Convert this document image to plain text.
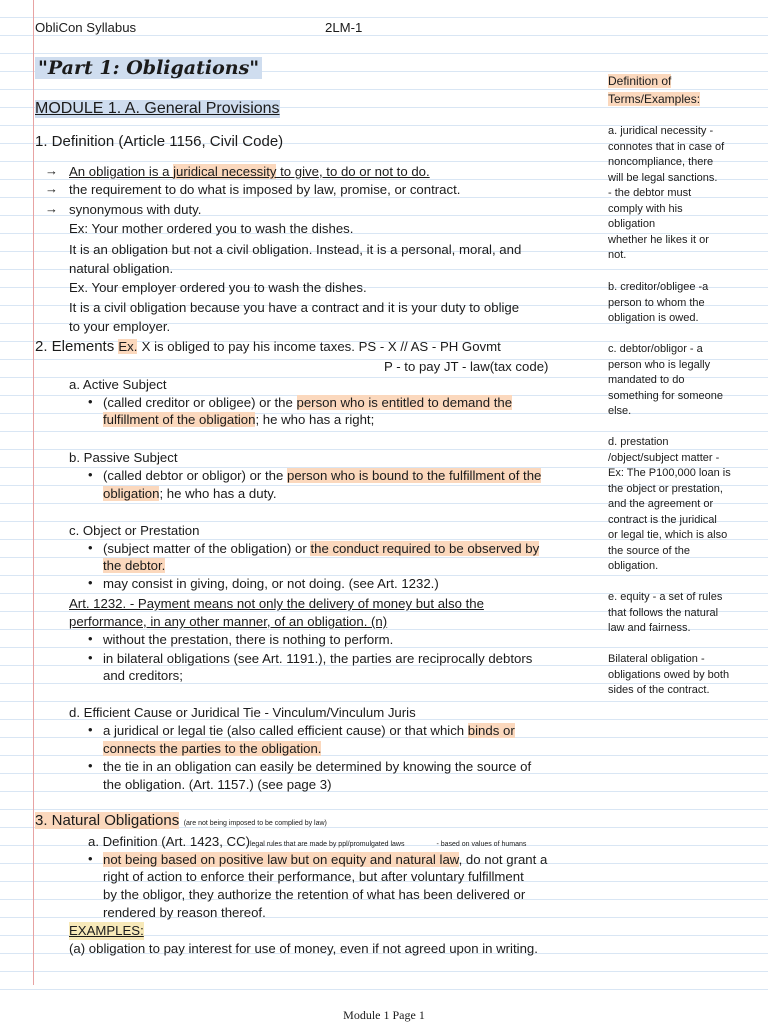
ObliCon Syllabus	2LM-1
"Part 1: Obligations"
MODULE 1. A. General Provisions
1. Definition (Article 1156, Civil Code)
→ An obligation is a juridical necessity to give, to do or not to do.
→ the requirement to do what is imposed by law, promise, or contract.
→ synonymous with duty.
Ex: Your mother ordered you to wash the dishes.
It is an obligation but not a civil obligation. Instead, it is a personal, moral, and
natural obligation.
Ex. Your employer ordered you to wash the dishes.
It is a civil obligation because you have a contract and it is your duty to oblige
to your employer.
2. Elements Ex. X is obliged to pay his income taxes. PS - X // AS - PH Govmt
P - to pay JT - law(tax code)
a. Active Subject
• (called creditor or obligee) or the person who is entitled to demand the
fulfillment of the obligation; he who has a right;
b. Passive Subject
• (called debtor or obligor) or the person who is bound to the fulfillment of the
obligation; he who has a duty.
c. Object or Prestation
• (subject matter of the obligation) or the conduct required to be observed by
the debtor.
• may consist in giving, doing, or not doing. (see Art. 1232.)
Art. 1232. - Payment means not only the delivery of money but also the
performance, in any other manner, of an obligation. (n)
• without the prestation, there is nothing to perform.
• in bilateral obligations (see Art. 1191.), the parties are reciprocally debtors
and creditors;
d. Efficient Cause or Juridical Tie - Vinculum/Vinculum Juris
• a juridical or legal tie (also called efficient cause) or that which binds or
connects the parties to the obligation.
• the tie in an obligation can easily be determined by knowing the source of
the obligation. (Art. 1157.) (see page 3)
3. Natural Obligations (are not being imposed to be complied by law)
a. Definition (Art. 1423, CC)legal rules that are made by ppl/promulgated laws	- based on values of humans
• not being based on positive law but on equity and natural law, do not grant a
right of action to enforce their performance, but after voluntary fulfillment
by the obligor, they authorize the retention of what has been delivered or
rendered by reason thereof.
EXAMPLES:
(a) obligation to pay interest for use of money, even if not agreed upon in writing.
Definition of
Terms/Examples:
a. juridical necessity -
connotes that in case of
noncompliance, there
will be legal sanctions.
- the debtor must
comply with his
obligation
whether he likes it or
not.
b. creditor/obligee -a
person to whom the
obligation is owed.
c. debtor/obligor - a
person who is legally
mandated to do
something for someone
else.
d. prestation
/object/subject matter -
Ex: The P100,000 loan is
the object or prestation,
and the agreement or
contract is the juridical
or legal tie, which is also
the source of the
obligation.
e. equity - a set of rules
that follows the natural
law and fairness.
Bilateral obligation -
obligations owed by both
sides of the contract.
Module 1 Page 1
